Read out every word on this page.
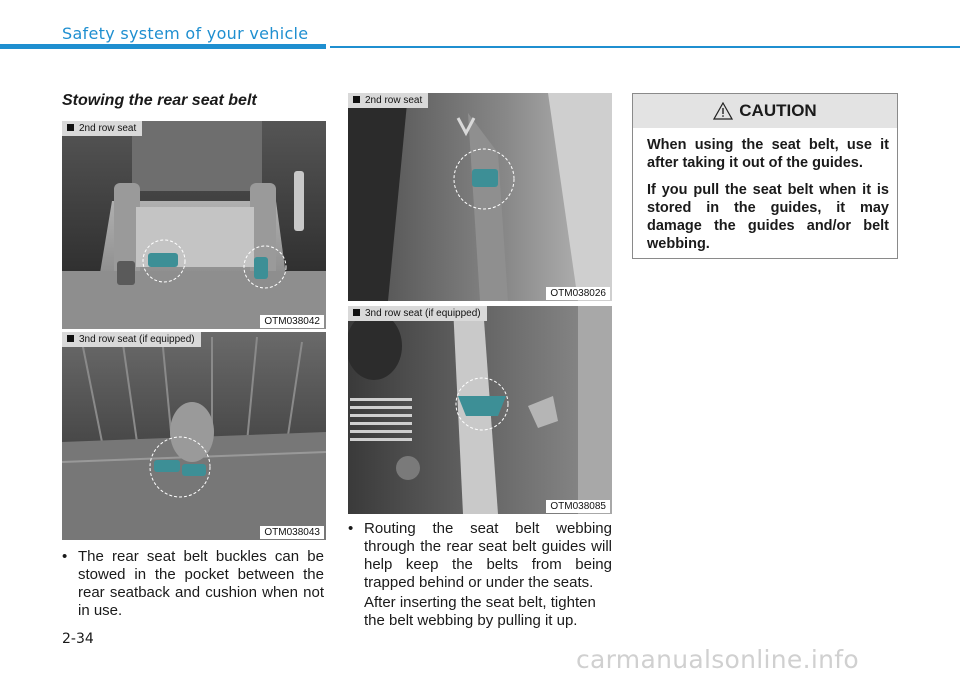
Safety system of your vehicle
Stowing the rear seat belt
2nd row seat
OTM038042
3nd row seat (if equipped)
OTM038043
2nd row seat
OTM038026
3nd row seat (if equipped)
OTM038085
• The rear seat belt buckles can be stowed in the pocket between the rear seatback and cushion when not in use.
• Routing the seat belt webbing through the rear seat belt guides will help keep the belts from being trapped behind or under the seats.
After inserting the seat belt, tighten the belt webbing by pulling it up.
CAUTION

When using the seat belt, use it after taking it out of the guides.

If you pull the seat belt when it is stored in the guides, it may damage the guides and/or belt webbing.

2-34
carmanualsonline.info
